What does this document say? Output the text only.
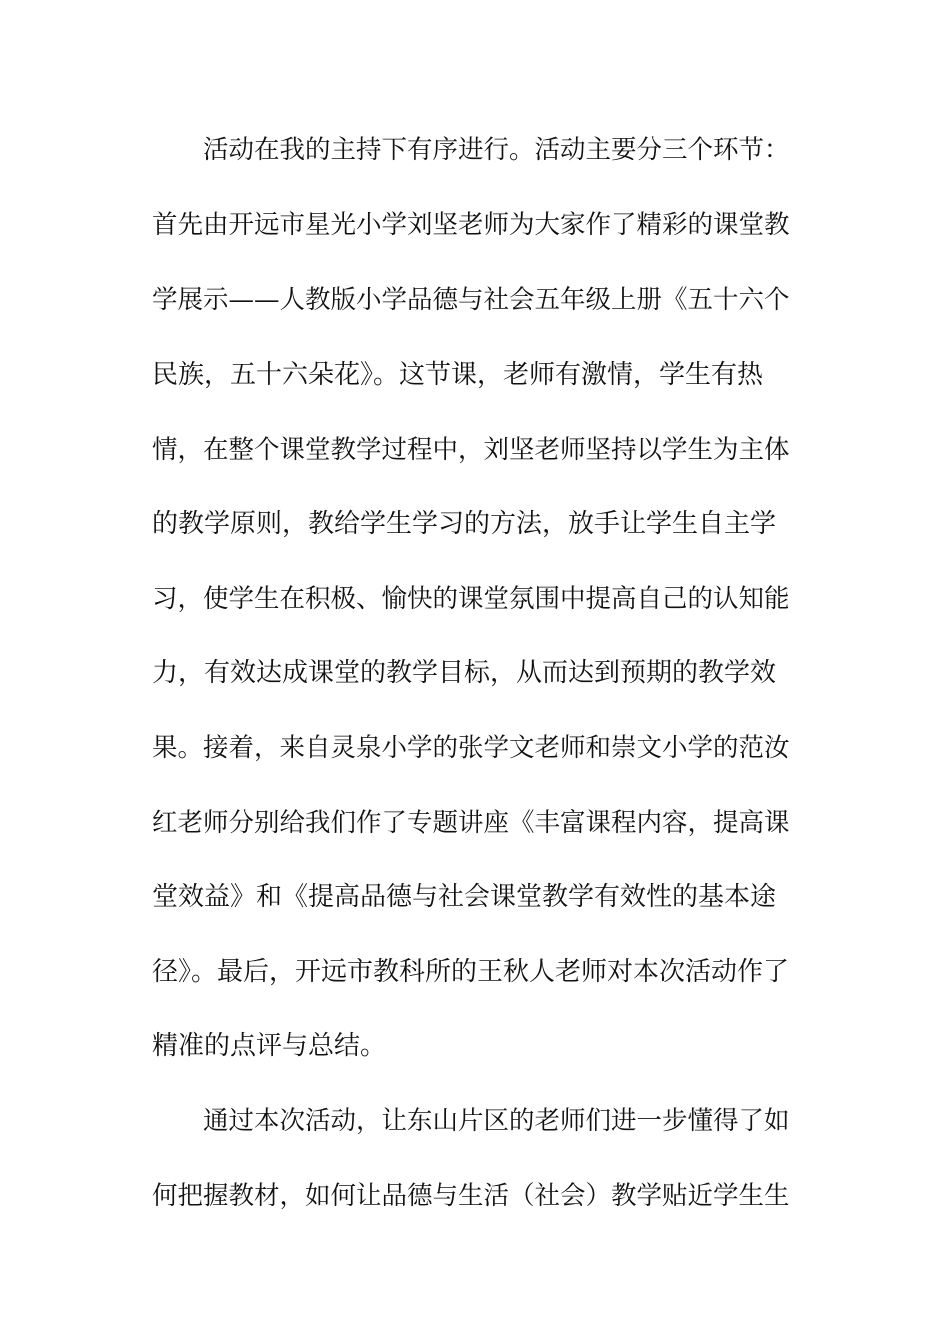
活动在我的主持下有序进行。活动主要分三个环节：
首先由开远市星光小学刘坚老师为大家作了精彩的课堂教
学展示——人教版小学品德与社会五年级上册《五十六个
民族，五十六朵花》。这节课，老师有激情，学生有热
情，在整个课堂教学过程中，刘坚老师坚持以学生为主体
的教学原则，教给学生学习的方法，放手让学生自主学
习，使学生在积极、愉快的课堂氛围中提高自己的认知能
力，有效达成课堂的教学目标，从而达到预期的教学效
果。接着，来自灵泉小学的张学文老师和崇文小学的范汝
红老师分别给我们作了专题讲座《丰富课程内容，提高课
堂效益》和《提高品德与社会课堂教学有效性的基本途
径》。最后，开远市教科所的王秋人老师对本次活动作了
精准的点评与总结。
通过本次活动，让东山片区的老师们进一步懂得了如
何把握教材，如何让品德与生活（社会）教学贴近学生生
